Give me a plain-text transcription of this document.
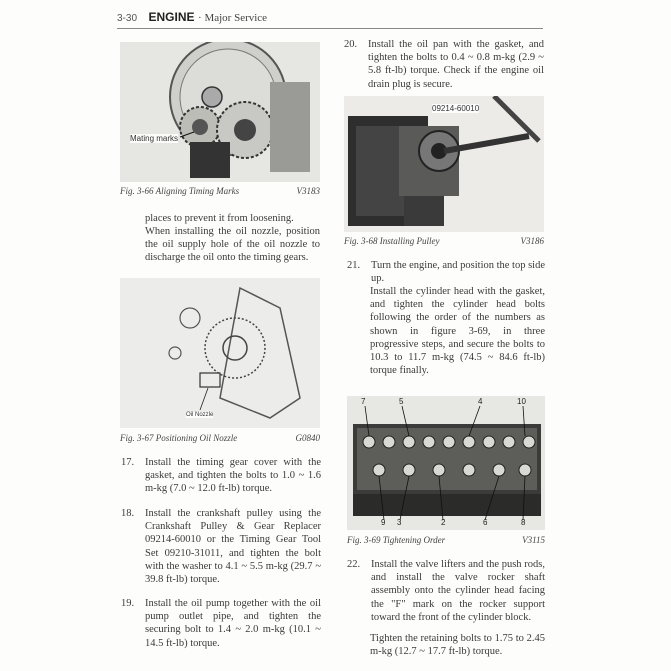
3-30 ENGINE · Major Service
Mating marks
Fig. 3-66 Aligning Timing Marks	V3183
places to prevent it from loosening.
When installing the oil nozzle, position the oil supply hole of the oil nozzle to discharge the oil onto the timing gears.
Oil Nozzle
Fig. 3-67 Positioning Oil Nozzle	G0840
17. Install the timing gear cover with the gasket, and tighten the bolts to 1.0 ~ 1.6 m-kg (7.0 ~ 12.0 ft-lb) torque.
18. Install the crankshaft pulley using the Crankshaft Pulley & Gear Replacer 09214-60010 or the Timing Gear Tool Set 09210-31011, and tighten the bolt with the washer to 4.1 ~ 5.5 m-kg (29.7 ~ 39.8 ft-lb) torque.
19. Install the oil pump together with the oil pump outlet pipe, and tighten the securing bolt to 1.4 ~ 2.0 m-kg (10.1 ~ 14.5 ft-lb) torque.
20. Install the oil pan with the gasket, and tighten the bolts to 0.4 ~ 0.8 m-kg (2.9 ~ 5.8 ft-lb) torque. Check if the engine oil drain plug is secure.
09214-60010
Fig. 3-68 Installing Pulley	V3186
21. Turn the engine, and position the top side up.
Install the cylinder head with the gasket, and tighten the cylinder head bolts following the order of the numbers as shown in figure 3-69, in three progressive steps, and secure the bolts to 10.3 to 11.7 m-kg (74.5 ~ 84.6 ft-lb) torque finally.
7	5	4	10
9 3	2	6	8
Fig. 3-69 Tightening Order	V3115
22. Install the valve lifters and the push rods, and install the valve rocker shaft assembly onto the cylinder head facing the "F" mark on the rocker support toward the front of the cylinder block.
Tighten the retaining bolts to 1.75 to 2.45 m-kg (12.7 ~ 17.7 ft-lb) torque.
